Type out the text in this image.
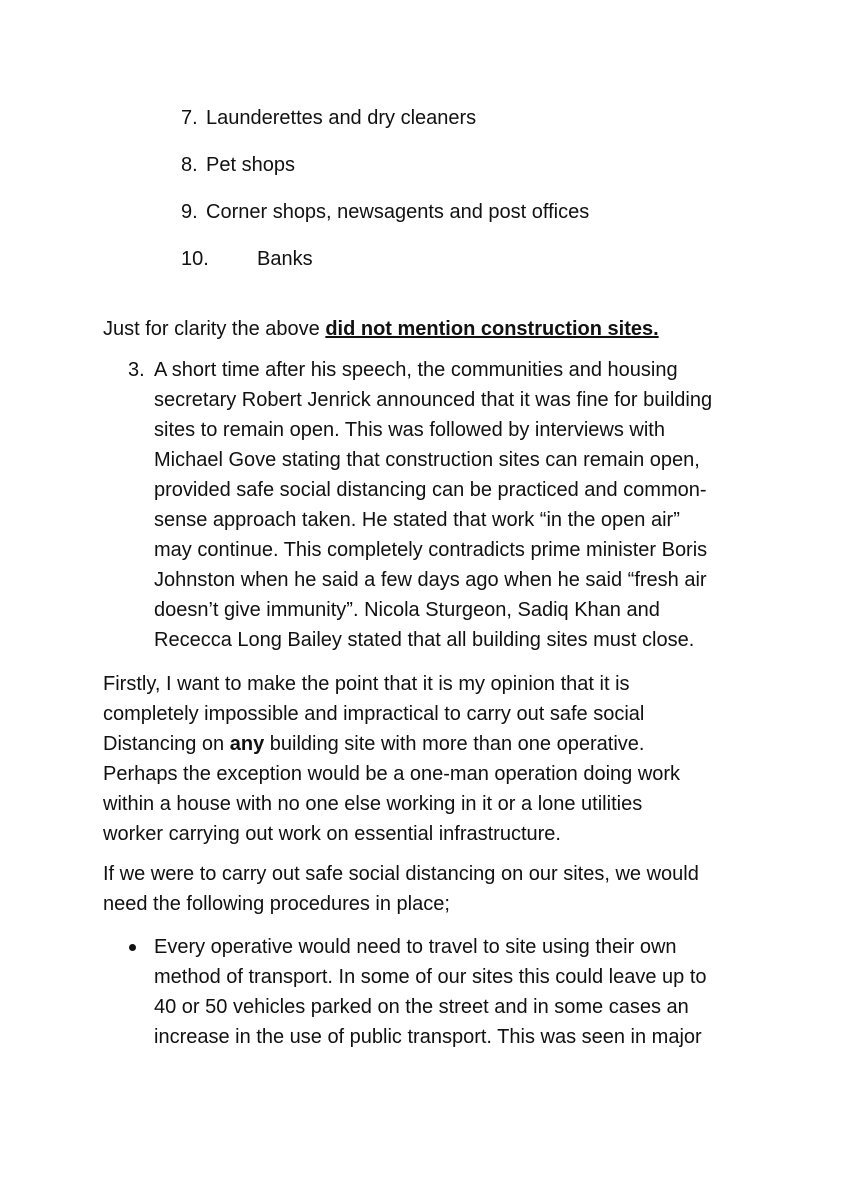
7. Launderettes and dry cleaners
8. Pet shops
9. Corner shops, newsagents and post offices
10. Banks
Just for clarity the above did not mention construction sites.
3. A short time after his speech, the communities and housing
secretary Robert Jenrick announced that it was fine for building
sites to remain open. This was followed by interviews with
Michael Gove stating that construction sites can remain open,
provided safe social distancing can be practiced and common-
sense approach taken. He stated that work “in the open air”
may continue. This completely contradicts prime minister Boris
Johnston when he said a few days ago when he said “fresh air
doesn’t give immunity”. Nicola Sturgeon, Sadiq Khan and
Rececca Long Bailey stated that all building sites must close.
Firstly, I want to make the point that it is my opinion that it is
completely impossible and impractical to carry out safe social
Distancing on any building site with more than one operative.
Perhaps the exception would be a one-man operation doing work
within a house with no one else working in it or a lone utilities
worker carrying out work on essential infrastructure.
If we were to carry out safe social distancing on our sites, we would
need the following procedures in place;
Every operative would need to travel to site using their own
method of transport. In some of our sites this could leave up to
40 or 50 vehicles parked on the street and in some cases an
increase in the use of public transport. This was seen in major
